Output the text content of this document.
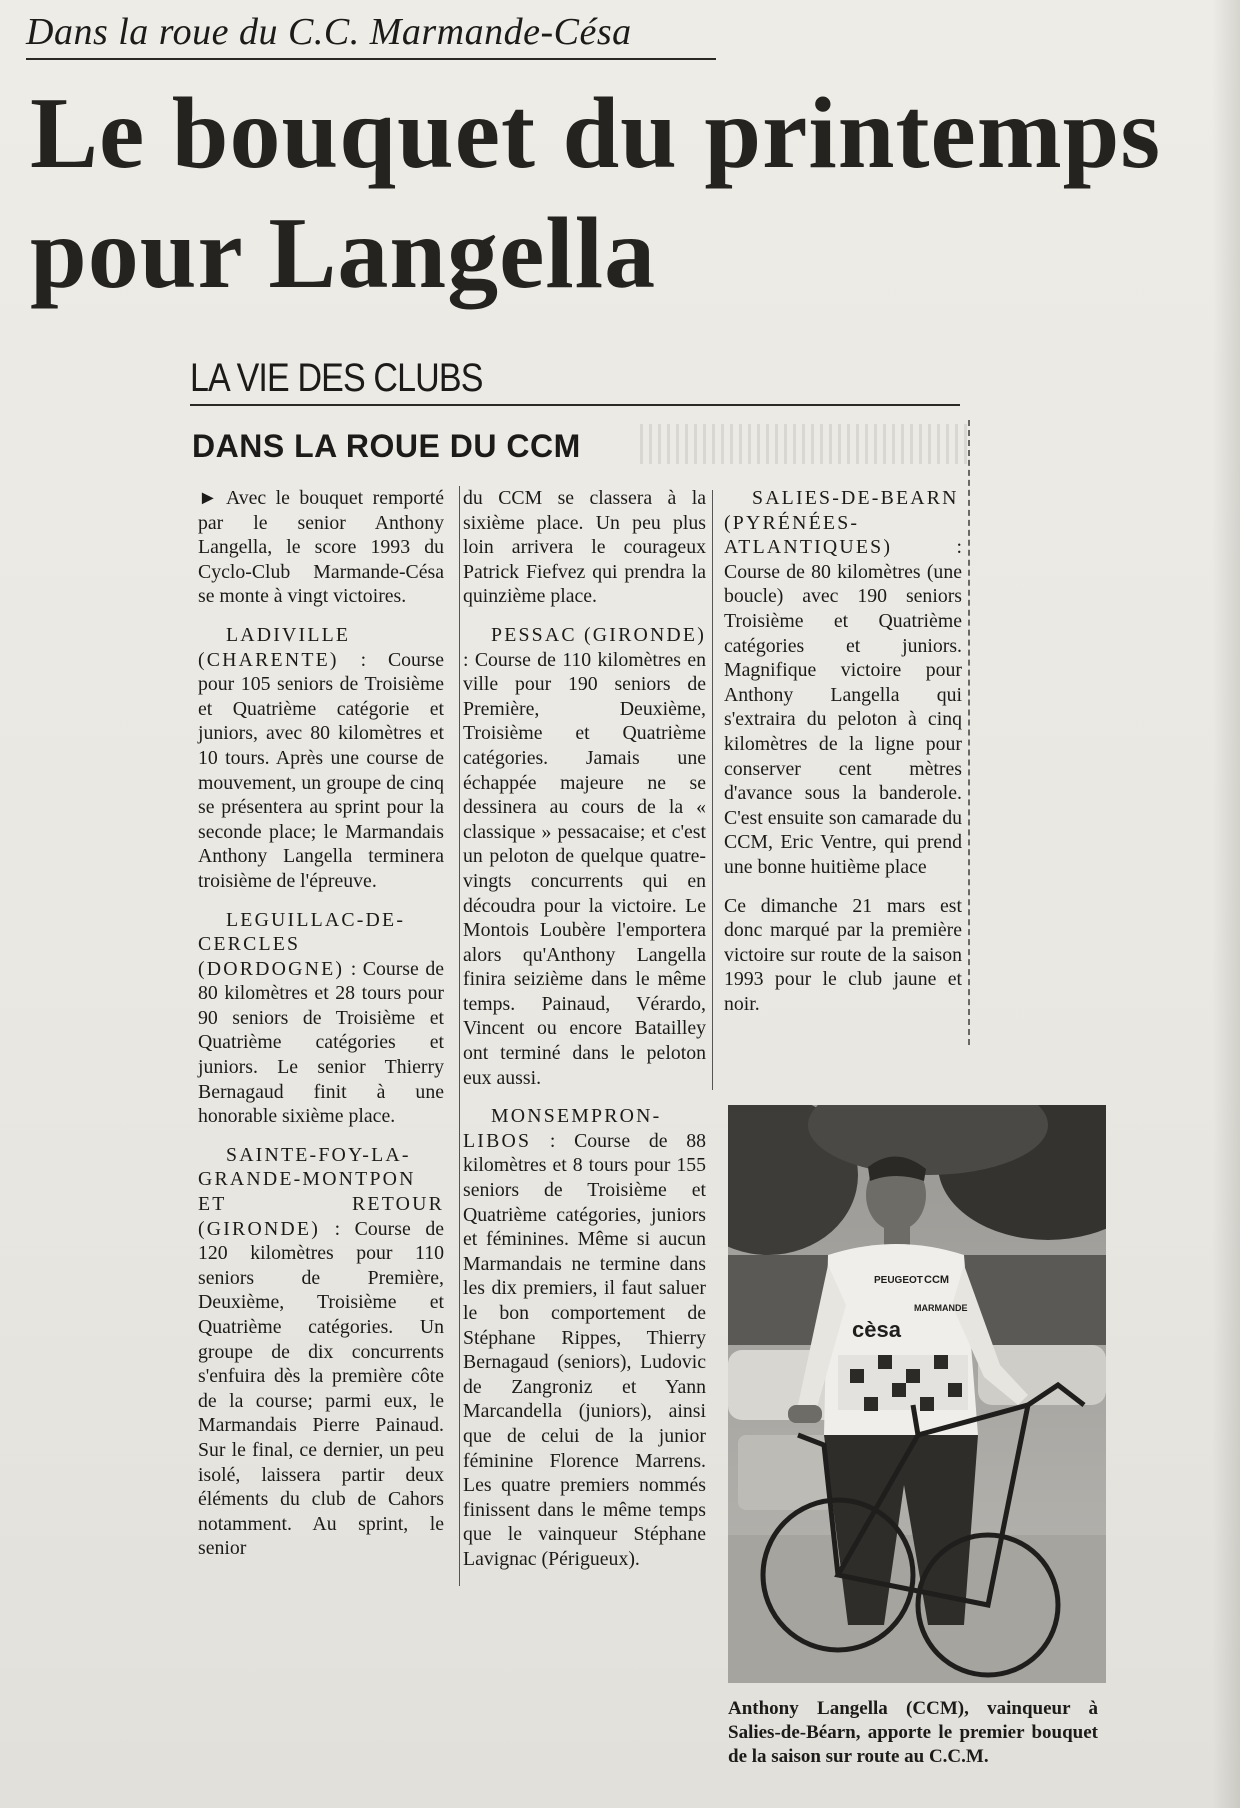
Dans la roue du C.C. Marmande-Césa
Le bouquet du printemps
pour Langella
LA VIE DES CLUBS
DANS LA ROUE DU CCM

► Avec le bouquet remporté par le senior Anthony Langella, le score 1993 du Cyclo-Club Marmande-Césa se monte à vingt victoires.

LADIVILLE (CHARENTE) : Course pour 105 seniors de Troisième et Quatrième catégorie et juniors, avec 80 kilomètres et 10 tours. Après une course de mouvement, un groupe de cinq se présentera au sprint pour la seconde place; le Marmandais Anthony Langella terminera troisième de l'épreuve.

LEGUILLAC-DE-CERCLES (DORDOGNE) : Course de 80 kilomètres et 28 tours pour 90 seniors de Troisième et Quatrième catégories et juniors. Le senior Thierry Bernagaud finit à une honorable sixième place.

SAINTE-FOY-LA-GRANDE-MONTPON ET RETOUR (GIRONDE) : Course de 120 kilomètres pour 110 seniors de Première, Deuxième, Troisième et Quatrième catégories. Un groupe de dix concurrents s'enfuira dès la première côte de la course; parmi eux, le Marmandais Pierre Painaud. Sur le final, ce dernier, un peu isolé, laissera partir deux éléments du club de Cahors notamment. Au sprint, le senior

du CCM se classera à la sixième place. Un peu plus loin arrivera le courageux Patrick Fiefvez qui prendra la quinzième place.

PESSAC (GIRONDE) : Course de 110 kilomètres en ville pour 190 seniors de Première, Deuxième, Troisième et Quatrième catégories. Jamais une échappée majeure ne se dessinera au cours de la « classique » pessacaise; et c'est un peloton de quelque quatre-vingts concurrents qui en découdra pour la victoire. Le Montois Loubère l'emportera alors qu'Anthony Langella finira seizième dans le même temps. Painaud, Vérardo, Vincent ou encore Batailley ont terminé dans le peloton eux aussi.

MONSEMPRON-LIBOS : Course de 88 kilomètres et 8 tours pour 155 seniors de Troisième et Quatrième catégories, juniors et féminines. Même si aucun Marmandais ne termine dans les dix premiers, il faut saluer le bon comportement de Stéphane Rippes, Thierry Bernagaud (seniors), Ludovic de Zangroniz et Yann Marcandella (juniors), ainsi que de celui de la junior féminine Florence Marrens. Les quatre premiers nommés finissent dans le même temps que le vainqueur Stéphane Lavignac (Périgueux).

SALIES-DE-BEARN (PYRÉNÉES-ATLANTIQUES) : Course de 80 kilomètres (une boucle) avec 190 seniors Troisième et Quatrième catégories et juniors. Magnifique victoire pour Anthony Langella qui s'extraira du peloton à cinq kilomètres de la ligne pour conserver cent mètres d'avance sous la banderole. C'est ensuite son camarade du CCM, Eric Ventre, qui prend une bonne huitième place

Ce dimanche 21 mars est donc marqué par la première victoire sur route de la saison 1993 pour le club jaune et noir.

PEUGEOT CCM
cèsa
MARMANDE
Anthony Langella (CCM), vainqueur à Salies-de-Béarn, apporte le premier bouquet de la saison sur route au C.C.M.
